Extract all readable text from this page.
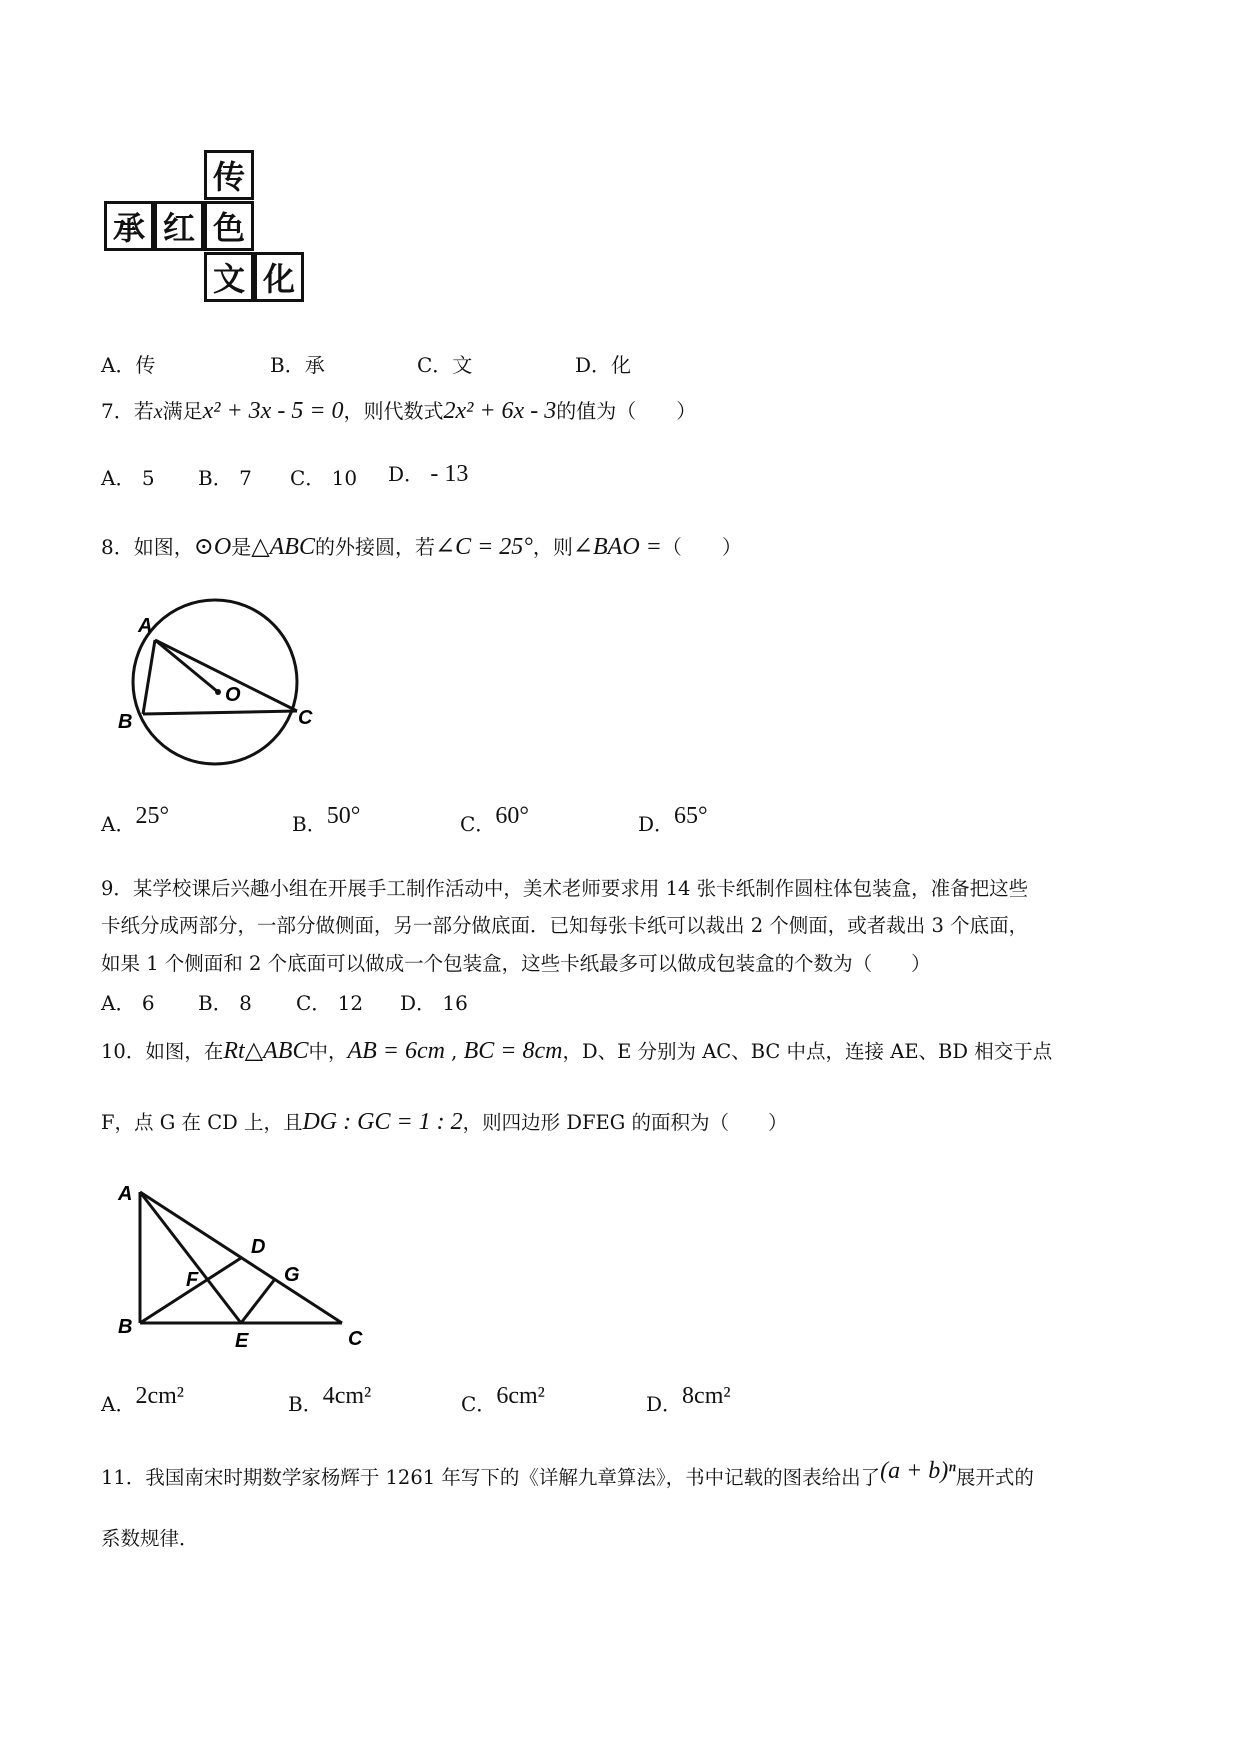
传
承 红 色
文 化
A．传	B．承	C．文	D．化
7．若x满足x² + 3x - 5 = 0，则代数式2x² + 6x - 3的值为（　　）
A． 5 B． 7 C． 10 D． - 13
8．如图，⊙O是△ABC的外接圆，若∠C = 25°，则∠BAO =（　　）
A
B	C
O
A．25°	B．50°	C．60°	D．65°
9．某学校课后兴趣小组在开展手工制作活动中，美术老师要求用 14 张卡纸制作圆柱体包装盒，准备把这些
卡纸分成两部分，一部分做侧面，另一部分做底面．已知每张卡纸可以裁出 2 个侧面，或者裁出 3 个底面，
如果 1 个侧面和 2 个底面可以做成一个包装盒，这些卡纸最多可以做成包装盒的个数为（　　）
A． 6 B． 8 C． 12 D． 16
10．如图，在Rt△ABC中，AB = 6cm , BC = 8cm，D、E 分别为 AC、BC 中点，连接 AE、BD 相交于点
F，点 G 在 CD 上，且DG : GC = 1 : 2，则四边形 DFEG 的面积为（　　）
A
B
C
D
E
F	G
A．2cm²	B．4cm²	C．6cm²	D．8cm²
11．我国南宋时期数学家杨辉于 1261 年写下的《详解九章算法》，书中记载的图表给出了(a + b)ⁿ展开式的
系数规律．
